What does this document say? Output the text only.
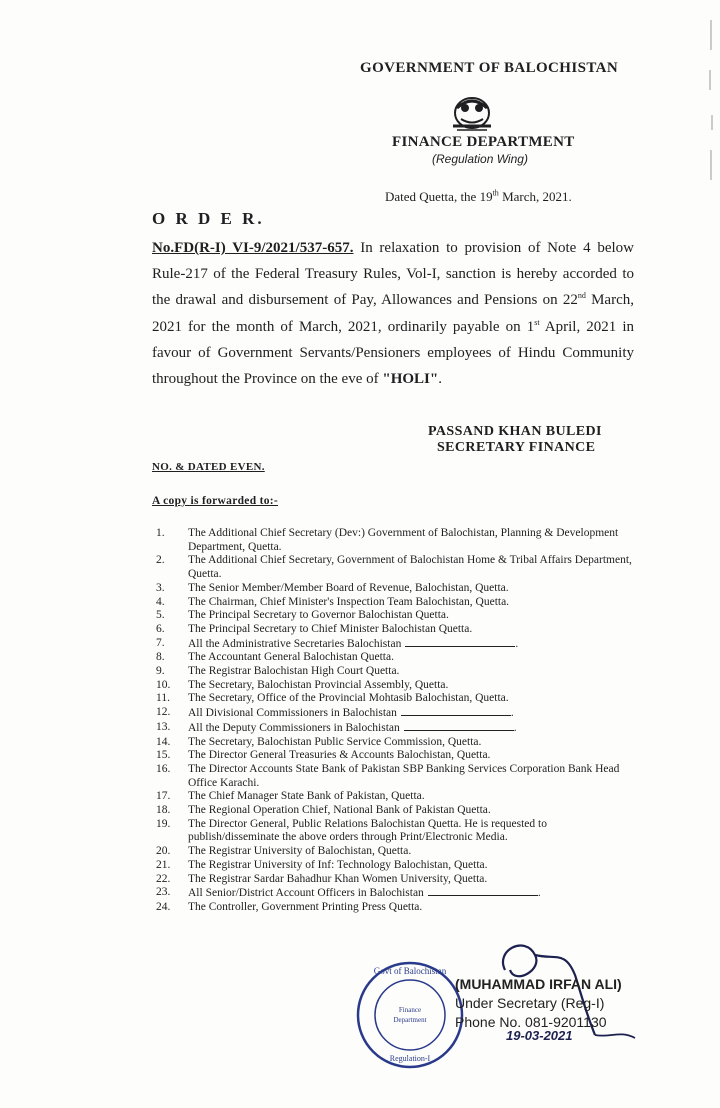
GOVERNMENT OF BALOCHISTAN
FINANCE DEPARTMENT
(Regulation Wing)
Dated Quetta, the 19th March, 2021.
O R D E R.
No.FD(R-I) VI-9/2021/537-657. In relaxation to provision of Note 4 below Rule-217 of the Federal Treasury Rules, Vol-I, sanction is hereby accorded to the drawal and disbursement of Pay, Allowances and Pensions on 22nd March, 2021 for the month of March, 2021, ordinarily payable on 1st April, 2021 in favour of Government Servants/Pensioners employees of Hindu Community throughout the Province on the eve of "HOLI".
PASSAND KHAN BULEDI
SECRETARY FINANCE
NO. & DATED EVEN.
A copy is forwarded to:-
1.	The Additional Chief Secretary (Dev:) Government of Balochistan, Planning & Development Department, Quetta.
2.	The Additional Chief Secretary, Government of Balochistan Home & Tribal Affairs Department, Quetta.
3.	The Senior Member/Member Board of Revenue, Balochistan, Quetta.
4.	The Chairman, Chief Minister's Inspection Team Balochistan, Quetta.
5.	The Principal Secretary to Governor Balochistan Quetta.
6.	The Principal Secretary to Chief Minister Balochistan Quetta.
7.	All the Administrative Secretaries Balochistan	.
8.	The Accountant General Balochistan Quetta.
9.	The Registrar Balochistan High Court Quetta.
10.	The Secretary, Balochistan Provincial Assembly, Quetta.
11.	The Secretary, Office of the Provincial Mohtasib Balochistan, Quetta.
12.	All Divisional Commissioners in Balochistan	.
13.	All the Deputy Commissioners in Balochistan	.
14.	The Secretary, Balochistan Public Service Commission, Quetta.
15.	The Director General Treasuries & Accounts Balochistan, Quetta.
16.	The Director Accounts State Bank of Pakistan SBP Banking Services Corporation Bank Head Office Karachi.
17.	The Chief Manager State Bank of Pakistan, Quetta.
18.	The Regional Operation Chief, National Bank of Pakistan Quetta.
19.	The Director General, Public Relations Balochistan Quetta. He is requested to publish/disseminate the above orders through Print/Electronic Media.
20.	The Registrar University of Balochistan, Quetta.
21.	The Registrar University of Inf: Technology Balochistan, Quetta.
22.	The Registrar Sardar Bahadhur Khan Women University, Quetta.
23.	All Senior/District Account Officers in Balochistan	.
24.	The Controller, Government Printing Press Quetta.
Govt of Balochistan
Finance
Department
Regulation-I
(MUHAMMAD IRFAN ALI)
Under Secretary (Reg-I)
Phone No. 081-9201130
19-03-2021
